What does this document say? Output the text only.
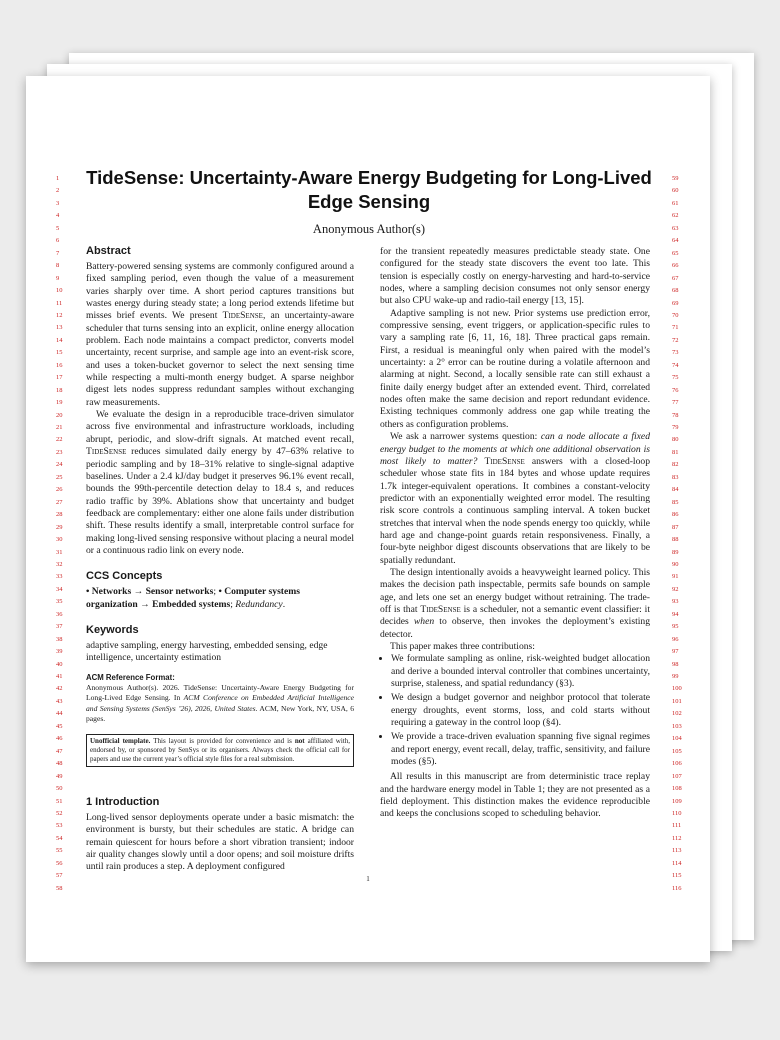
1
2
3
4
5
6
7
8
9
10
11
12
13
14
15
16
17
18
19
20
21
22
23
24
25
26
27
28
29
30
31
32
33
34
35
36
37
38
39
40
41
42
43
44
45
46
47
48
49
50
51
52
53
54
55
56
57
58
59
60
61
62
63
64
65
66
67
68
69
70
71
72
73
74
75
76
77
78
79
80
81
82
83
84
85
86
87
88
89
90
91
92
93
94
95
96
97
98
99
100
101
102
103
104
105
106
107
108
109
110
111
112
113
114
115
116
TideSense: Uncertainty-Aware Energy Budgeting for Long-Lived Edge Sensing
Anonymous Author(s)
Abstract

Battery-powered sensing systems are commonly configured around a fixed sampling period, even though the value of a measurement varies sharply over time. A short period captures transitions but wastes energy during steady state; a long period extends lifetime but misses brief events. We present TideSense, an uncertainty-aware scheduler that turns sensing into an explicit, online energy allocation problem. Each node maintains a compact predictor, converts model uncertainty, recent surprise, and sample age into an event-risk score, and uses a token-bucket governor to select the next sensing time while respecting a multi-month energy budget. A sparse neighbor digest lets nodes suppress redundant samples without exchanging raw measurements.

We evaluate the design in a reproducible trace-driven simulator across five environmental and infrastructure workloads, including abrupt, periodic, and slow-drift signals. At matched event recall, TideSense reduces simulated daily energy by 47–63% relative to periodic sampling and by 18–31% relative to single-signal adaptive baselines. Under a 2.4 kJ/day budget it preserves 96.1% event recall, bounds the 99th-percentile detection delay to 18.4 s, and reduces radio traffic by 39%. Ablations show that uncertainty and budget feedback are complementary: either one alone fails under distribution shift. These results identify a small, interpretable control surface for making long-lived sensing responsive without placing a neural model or a continuous radio link on every node.

CCS Concepts

• Networks → Sensor networks; • Computer systems organization → Embedded systems; Redundancy.

Keywords

adaptive sampling, energy harvesting, embedded sensing, edge intelligence, uncertainty estimation

ACM Reference Format:
Anonymous Author(s). 2026. TideSense: Uncertainty-Aware Energy Budgeting for Long-Lived Edge Sensing. In ACM Conference on Embedded Artificial Intelligence and Sensing Systems (SenSys ’26), 2026, United States. ACM, New York, NY, USA, 6 pages.
Unofficial template. This layout is provided for convenience and is not affiliated with, endorsed by, or sponsored by SenSys or its organisers. Always check the official call for papers and use the current year’s official style files for a real submission.
1 Introduction

Long-lived sensor deployments operate under a basic mismatch: the environment is bursty, but their schedules are static. A bridge can remain quiescent for hours before a short vibration transient; indoor air quality changes slowly until a door opens; and soil moisture drifts until rain produces a step. A deployment configured

for the transient repeatedly measures predictable steady state. One configured for the steady state discovers the event too late. This tension is especially costly on energy-harvesting and hard-to-service nodes, where a sampling decision consumes not only sensor energy but also CPU wake-up and radio-tail energy [13, 15].

Adaptive sampling is not new. Prior systems use prediction error, compressive sensing, event triggers, or application-specific rules to vary a sampling rate [6, 11, 16, 18]. Three practical gaps remain. First, a residual is meaningful only when paired with the model’s uncertainty: a 2° error can be routine during a volatile afternoon and alarming at night. Second, a locally sensible rate can still exhaust a finite daily energy budget after an extended event. Third, correlated nodes often make the same decision and report redundant evidence. Existing techniques commonly address one gap while treating the others as configuration problems.

We ask a narrower systems question: can a node allocate a fixed energy budget to the moments at which one additional observation is most likely to matter? TideSense answers with a closed-loop scheduler whose state fits in 184 bytes and whose update requires 1.7k integer-equivalent operations. It combines a constant-velocity predictor with an exponentially weighted error model. The resulting risk score controls a continuous sampling interval. A token bucket stretches that interval when the node spends energy too quickly, while hard age and change-point guards retain responsiveness. Finally, a four-byte neighbor digest discounts observations that are likely to be spatially redundant.

The design intentionally avoids a heavyweight learned policy. This makes the decision path inspectable, permits safe bounds on sample age, and lets one set an energy budget without retraining. The trade-off is that TideSense is a scheduler, not a semantic event classifier: it decides when to observe, then invokes the deployment’s existing detector.

This paper makes three contributions:

• We formulate sampling as online, risk-weighted budget allocation and derive a bounded interval controller that combines uncertainty, surprise, staleness, and spatial redundancy (§3).
• We design a budget governor and neighbor protocol that tolerate energy droughts, event storms, loss, and cold starts without requiring a gateway in the control loop (§4).
• We provide a trace-driven evaluation spanning five signal regimes and report energy, event recall, delay, traffic, sensitivity, and failure modes (§5).

All results in this manuscript are from deterministic trace replay and the hardware energy model in Table 1; they are not presented as a field deployment. This distinction makes the evidence reproducible and keeps the conclusions scoped to scheduling behavior.

1
